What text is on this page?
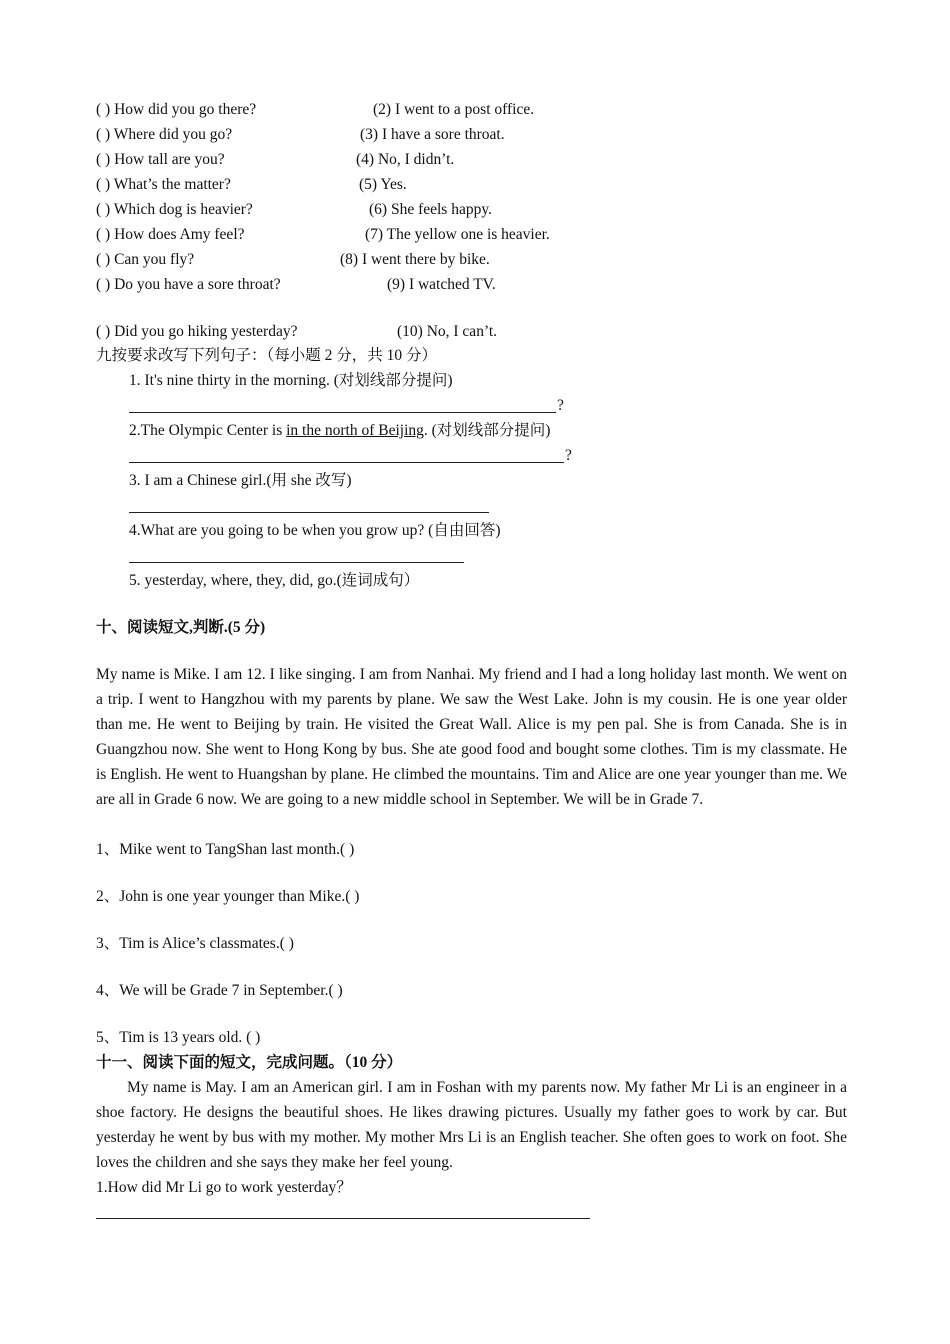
( ) How did you go there?
( ) Where did you go?
( ) How tall are you?
( ) What’s the matter?
( ) Which dog is heavier?
( ) How does Amy feel?
( ) Can you fly?
( ) Do you have a sore throat?
( ) Did you go hiking yesterday?
(2) I went to a post office.
(3) I have a sore throat.
(4) No, I didn’t.
(5) Yes.
(6) She feels happy.
(7) The yellow one is heavier.
(8) I went there by bike.
(9) I watched TV.
(10) No, I can’t.
九按要求改写下列句子：（每小题 2 分，共 10 分）
1. It's nine thirty in the morning. (对划线部分提问)
?
2.The Olympic Center is in the north of Beijing. (对划线部分提问)
?
3. I am a Chinese girl.(用 she 改写)
4.What are you going to be when you grow up? (自由回答)
5. yesterday, where, they, did, go.(连词成句）
十、阅读短文,判断.(5 分)
My name is Mike. I am 12. I like singing. I am from Nanhai. My friend and I had a long holiday last month. We went on a trip. I went to Hangzhou with my parents by plane. We saw the West Lake. John is my cousin. He is one year older than me. He went to Beijing by train. He visited the Great Wall. Alice is my pen pal. She is from Canada. She is in Guangzhou now. She went to Hong Kong by bus. She ate good food and bought some clothes. Tim is my classmate. He is English. He went to Huangshan by plane. He climbed the mountains. Tim and Alice are one year younger than me. We are all in Grade 6 now. We are going to a new middle school in September. We will be in Grade 7.
1、Mike went to TangShan last month.( )
2、John is one year younger than Mike.( )
3、Tim is Alice’s classmates.( )
4、We will be Grade 7 in September.( )
5、Tim is 13 years old. ( )
十一、阅读下面的短文，完成问题。（10 分）
My name is May. I am an American girl. I am in Foshan with my parents now. My father Mr Li is an engineer in a shoe factory. He designs the beautiful shoes. He likes drawing pictures. Usually my father goes to work by car. But yesterday he went by bus with my mother. My mother Mrs Li is an English teacher. She often goes to work on foot. She loves the children and she says they make her feel young.
1.How did Mr Li go to work yesterday？
